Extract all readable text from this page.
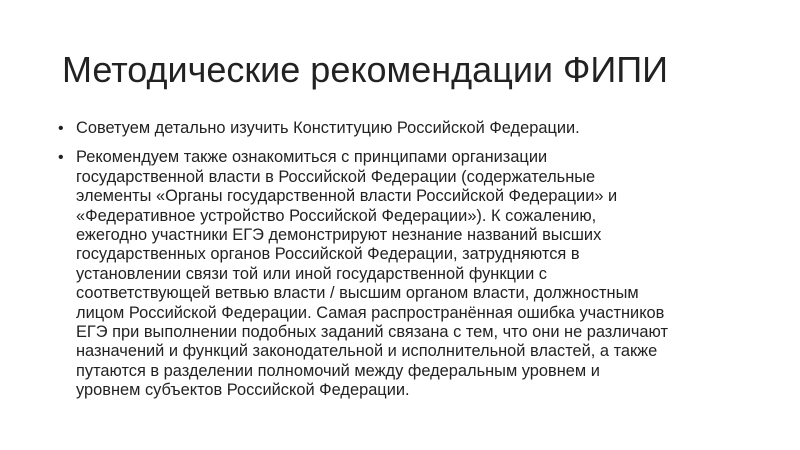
Методические рекомендации ФИПИ
• Советуем детально изучить Конституцию Российской Федерации.
• Рекомендуем также ознакомиться с принципами организации
государственной власти в Российской Федерации (содержательные
элементы «Органы государственной власти Российской Федерации» и
«Федеративное устройство Российской Федерации»). К сожалению,
ежегодно участники ЕГЭ демонстрируют незнание названий высших
государственных органов Российской Федерации, затрудняются в
установлении связи той или иной государственной функции с
соответствующей ветвью власти / высшим органом власти, должностным
лицом Российской Федерации. Самая распространённая ошибка участников
ЕГЭ при выполнении подобных заданий связана с тем, что они не различают
назначений и функций законодательной и исполнительной властей, а также
путаются в разделении полномочий между федеральным уровнем и
уровнем субъектов Российской Федерации.
